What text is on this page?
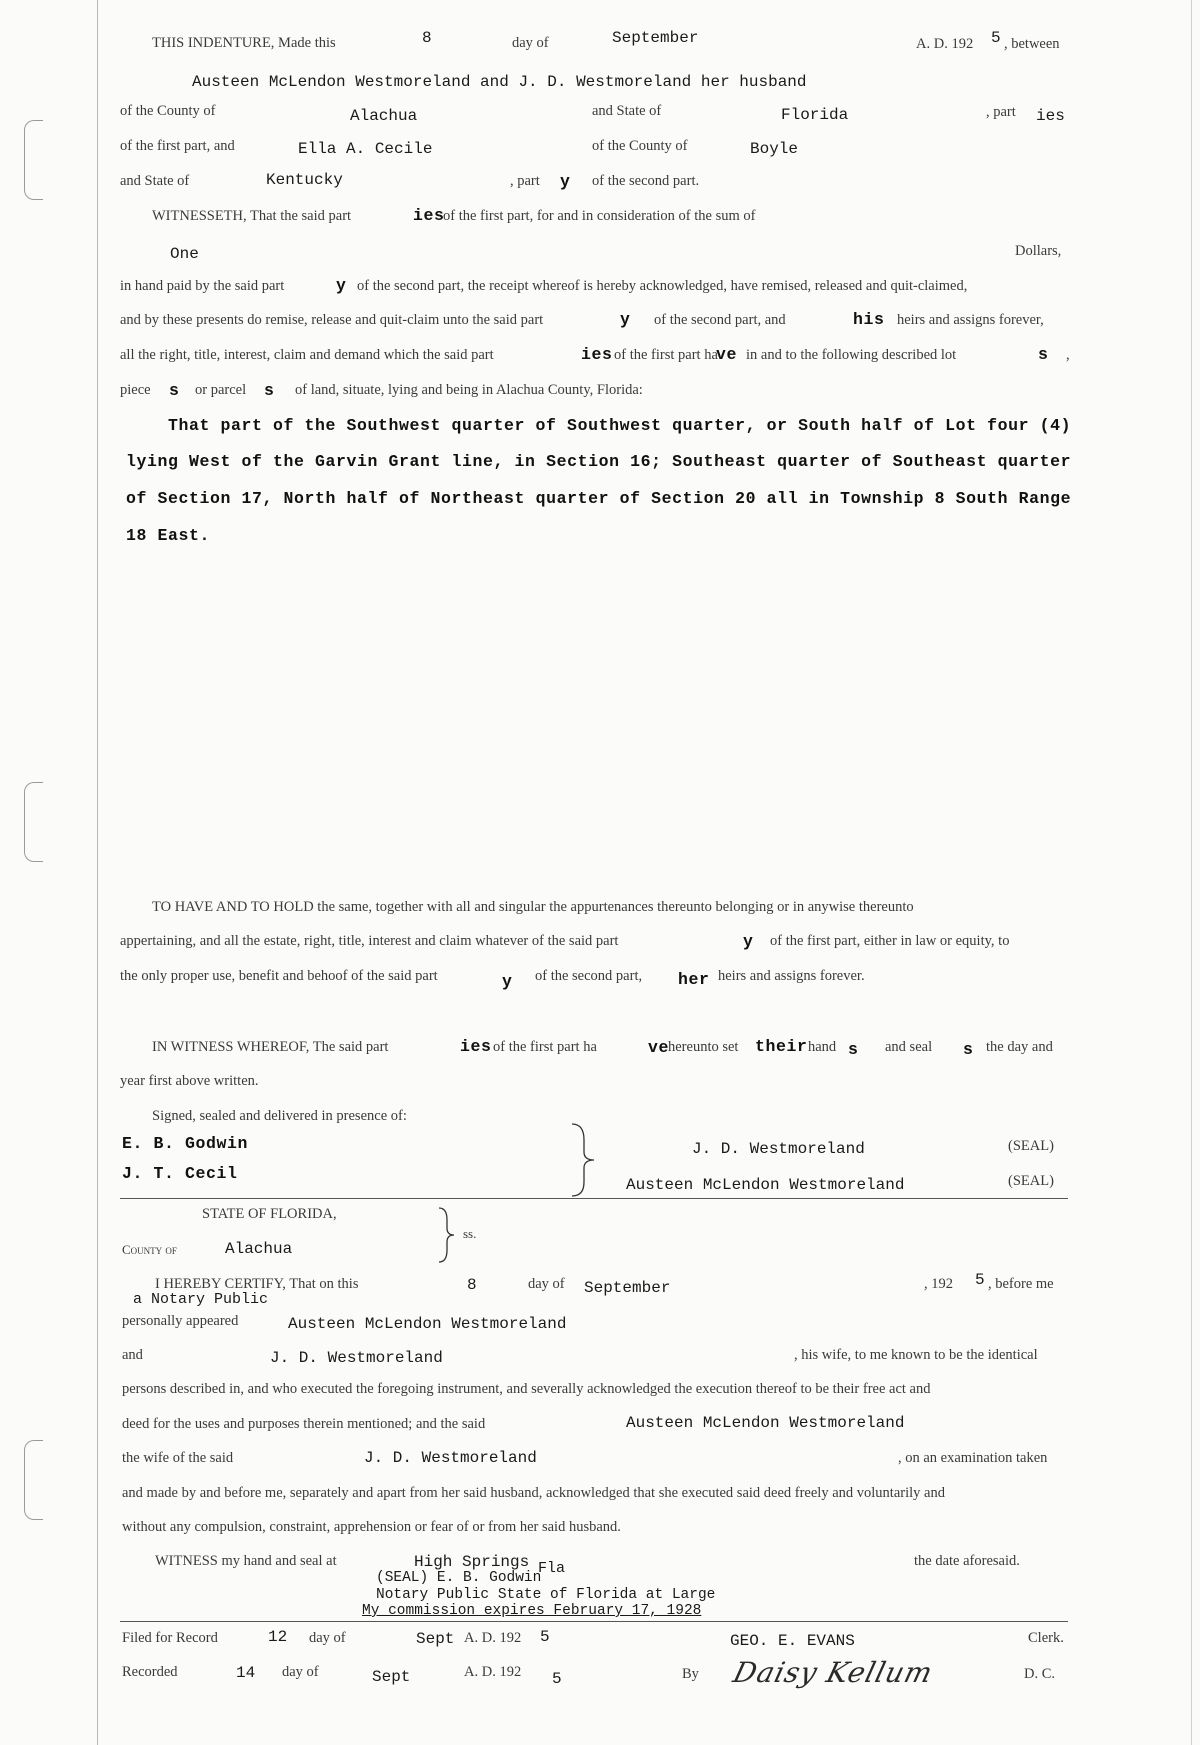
THIS INDENTURE, Made this	8	day of	September	A. D. 192 5 , between
Austeen McLendon Westmoreland and J. D. Westmoreland her husband
of the County of	Alachua	and State of	Florida	, part ies
of the first part, and	Ella A. Cecile	of the County of	Boyle
and State of	Kentucky	, part y of the second part.
WITNESSETH, That the said part	ies
of the first part, for and in consideration of the sum of
One	Dollars,
in hand paid by the said part	y of the second part, the receipt whereof is hereby acknowledged, have remised, released and quit-claimed,
and by these presents do remise, release and quit-claim unto the said part	y of the second part, and	his heirs and assigns forever,
all the right, title, interest, claim and demand which the said part	ies of the first part ha
ve in and to the following described lot	s ,
piece s or parcel s of land, situate, lying and being in Alachua County, Florida:
That part of the Southwest quarter of Southwest quarter, or South half of Lot four (4)
lying West of the Garvin Grant line, in Section 16; Southeast quarter of Southeast quarter
of Section 17, North half of Northeast quarter of Section 20 all in Township 8 South Range
18 East.
TO HAVE AND TO HOLD the same, together with all and singular the appurtenances thereunto belonging or in anywise thereunto
appertaining, and all the estate, right, title, interest and claim whatever of the said part	y of the first part, either in law or equity, to
the only proper use, benefit and behoof of the said part	y of the second part, her heirs and assigns forever.
IN WITNESS WHEREOF, The said part	ies of the first part ha	ve
hereunto set their hand s and seal s the day and
year first above written.
Signed, sealed and delivered in presence of:
E. B. Godwin
J. T. Cecil
J. D. Westmoreland
Austeen McLendon Westmoreland
(SEAL)
(SEAL)
STATE OF FLORIDA,
County of	Alachua
ss.
I HEREBY CERTIFY, That on this	8	day of September	, 192 5 , before me
a Notary Public
personally appeared	Austeen McLendon Westmoreland
and	J. D. Westmoreland	, his wife, to me known to be the identical
persons described in, and who executed the foregoing instrument, and severally acknowledged the execution thereof to be their free act and
deed for the uses and purposes therein mentioned; and the said	Austeen McLendon Westmoreland
the wife of the said	J. D. Westmoreland	, on an examination taken
and made by and before me, separately and apart from her said husband, acknowledged that she executed said deed freely and voluntarily and
without any compulsion, constraint, apprehension or fear of or from her said husband.
WITNESS my hand and seal at	High Springs Fla	the date aforesaid.
(SEAL) E. B. Godwin
Notary Public State of Florida at Large
My commission expires February 17, 1928
Filed for Record	12 day of	Sept A. D. 192 5	GEO. E. EVANS	Clerk.
Recorded	14 day of	Sept	A. D. 192 5	By Daisy Kellum	D. C.
